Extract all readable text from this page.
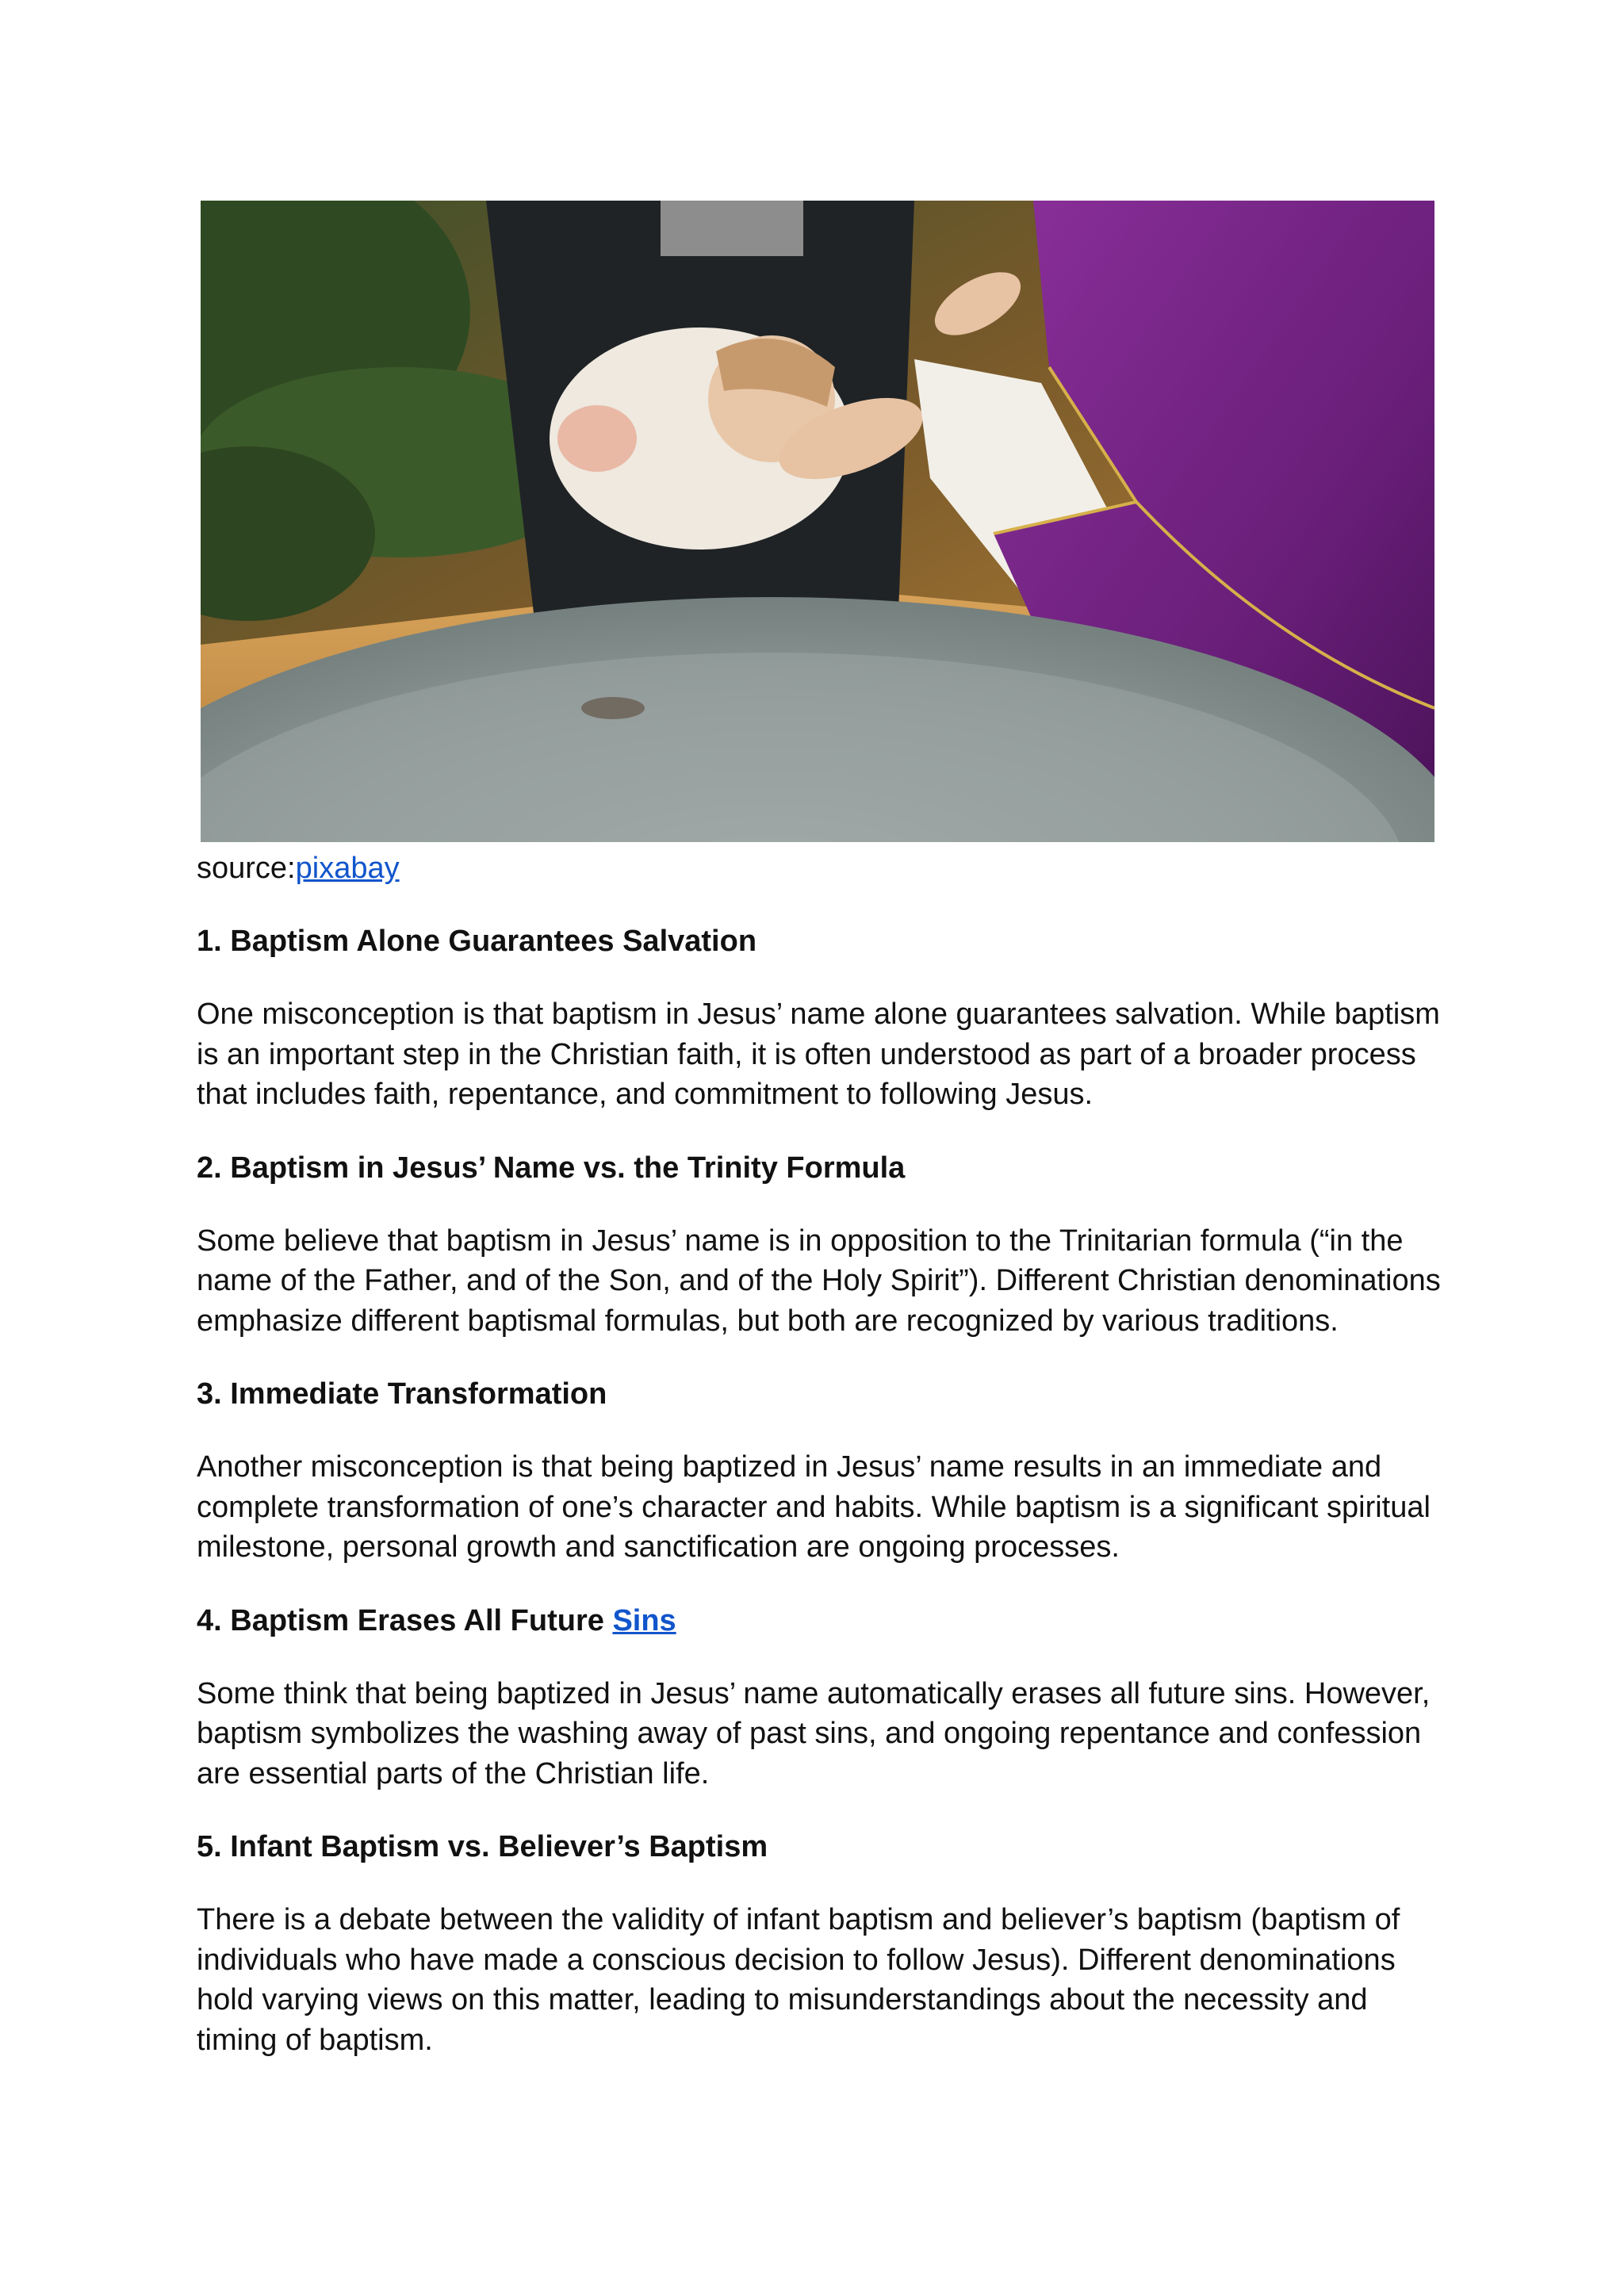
source:pixabay

1. Baptism Alone Guarantees Salvation

One misconception is that baptism in Jesus’ name alone guarantees salvation. While baptism is an important step in the Christian faith, it is often understood as part of a broader process that includes faith, repentance, and commitment to following Jesus.

2. Baptism in Jesus’ Name vs. the Trinity Formula

Some believe that baptism in Jesus’ name is in opposition to the Trinitarian formula (“in the name of the Father, and of the Son, and of the Holy Spirit”). Different Christian denominations emphasize different baptismal formulas, but both are recognized by various traditions.

3. Immediate Transformation

Another misconception is that being baptized in Jesus’ name results in an immediate and complete transformation of one’s character and habits. While baptism is a significant spiritual milestone, personal growth and sanctification are ongoing processes.

4. Baptism Erases All Future Sins

Some think that being baptized in Jesus’ name automatically erases all future sins. However, baptism symbolizes the washing away of past sins, and ongoing repentance and confession are essential parts of the Christian life.

5. Infant Baptism vs. Believer’s Baptism

There is a debate between the validity of infant baptism and believer’s baptism (baptism of individuals who have made a conscious decision to follow Jesus). Different denominations hold varying views on this matter, leading to misunderstandings about the necessity and timing of baptism.
